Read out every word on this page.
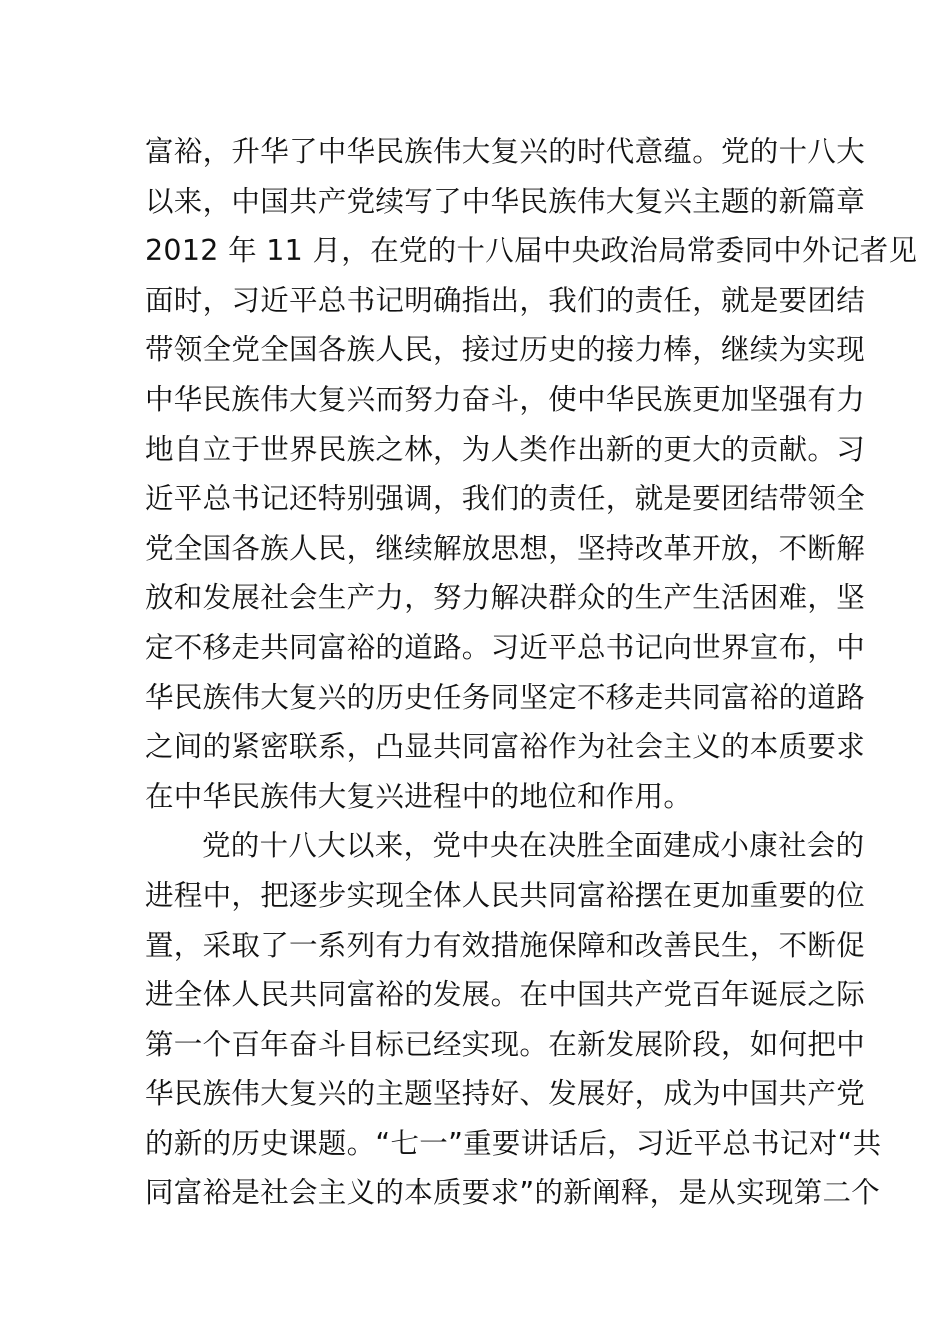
富裕，升华了中华民族伟大复兴的时代意蕴。党的十八大
以来，中国共产党续写了中华民族伟大复兴主题的新篇章
2012 年 11 月，在党的十八届中央政治局常委同中外记者见
面时，习近平总书记明确指出，我们的责任，就是要团结
带领全党全国各族人民，接过历史的接力棒，继续为实现
中华民族伟大复兴而努力奋斗，使中华民族更加坚强有力
地自立于世界民族之林，为人类作出新的更大的贡献。习
近平总书记还特别强调，我们的责任，就是要团结带领全
党全国各族人民，继续解放思想，坚持改革开放，不断解
放和发展社会生产力，努力解决群众的生产生活困难，坚
定不移走共同富裕的道路。习近平总书记向世界宣布，中
华民族伟大复兴的历史任务同坚定不移走共同富裕的道路
之间的紧密联系，凸显共同富裕作为社会主义的本质要求
在中华民族伟大复兴进程中的地位和作用。
党的十八大以来，党中央在决胜全面建成小康社会的
进程中，把逐步实现全体人民共同富裕摆在更加重要的位
置，采取了一系列有力有效措施保障和改善民生，不断促
进全体人民共同富裕的发展。在中国共产党百年诞辰之际
第一个百年奋斗目标已经实现。在新发展阶段，如何把中
华民族伟大复兴的主题坚持好、发展好，成为中国共产党
的新的历史课题。“七一”重要讲话后，习近平总书记对“共
同富裕是社会主义的本质要求”的新阐释，是从实现第二个
